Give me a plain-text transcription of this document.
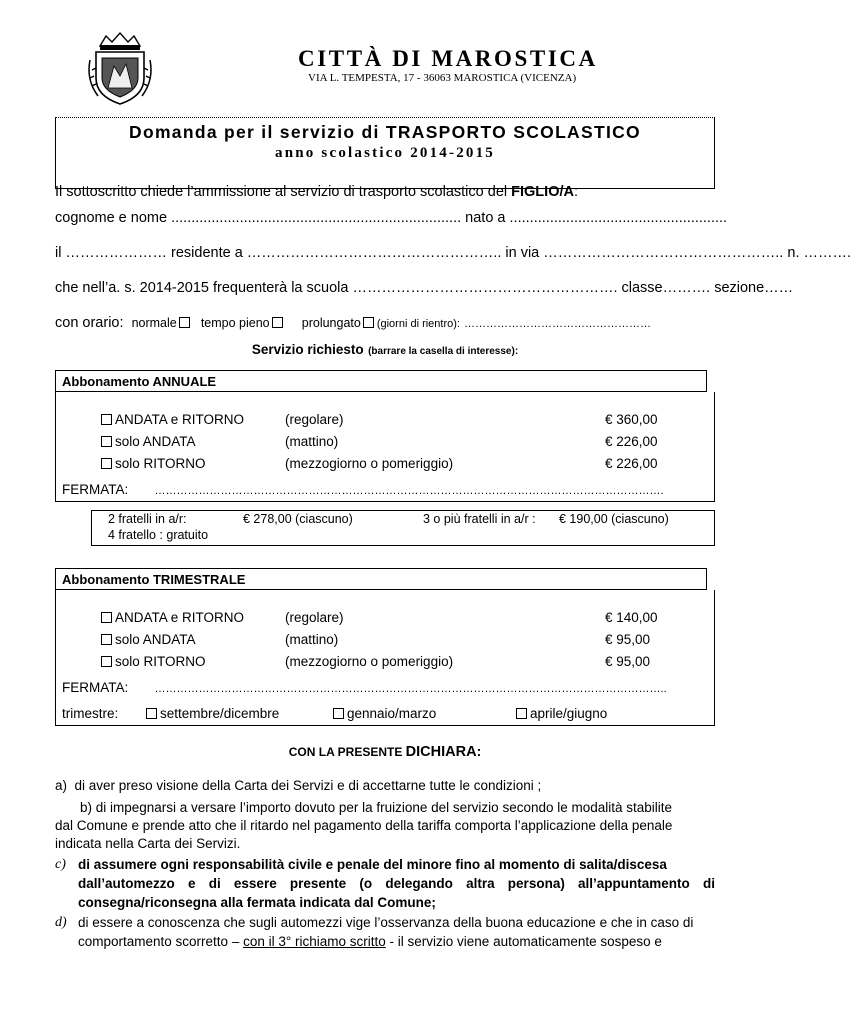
CITTÀ DI MAROSTICA
VIA L. TEMPESTA, 17 - 36063 MAROSTICA (VICENZA)
Domanda per il servizio di TRASPORTO SCOLASTICO
anno scolastico 2014-2015
Il sottoscritto chiede l’ammissione al servizio di trasporto scolastico del FIGLIO/A:
cognome e nome ........................................................................ nato a ......................................................
il ………………… residente a …………………………………………….. in via ………………………………………….. n. ……….
che nell’a. s. 2014-2015 frequenterà la scuola ………………………………………………. classe………. sezione……
con orario: normale tempo pieno	prolungato (giorni di rientro): ……………………………………………
Servizio richiesto (barrare la casella di interesse):
Abbonamento ANNUALE
ANDATA e RITORNO	(regolare)	€ 360,00
solo ANDATA	(mattino)	€ 226,00
solo RITORNO	(mezzogiorno o pomeriggio)	€ 226,00
FERMATA: ………………………………………………………………………………………………………………………….
2 fratelli in a/r:	€ 278,00 (ciascuno)	3 o più fratelli in a/r : € 190,00 (ciascuno)
4 fratello : gratuito
Abbonamento TRIMESTRALE
ANDATA e RITORNO	(regolare)	€ 140,00
solo ANDATA	(mattino)	€ 95,00
solo RITORNO	(mezzogiorno o pomeriggio)	€ 95,00
FERMATA: …………………………………………………………………………………………………………………………..
trimestre:	settembre/dicembre	gennaio/marzo	aprile/giugno
CON LA PRESENTE DICHIARA:
a) di aver preso visione della Carta dei Servizi e di accettarne tutte le condizioni ;
b) di impegnarsi a versare l’importo dovuto per la fruizione del servizio secondo le modalità stabilite
dal Comune e prende atto che il ritardo nel pagamento della tariffa comporta l’applicazione della penale
indicata nella Carta dei Servizi.
c) di assumere ogni responsabilità civile e penale del minore fino al momento di salita/discesa
dall’automezzo e di essere presente (o delegando altra persona) all’appuntamento di
consegna/riconsegna alla fermata indicata dal Comune;
d) di essere a conoscenza che sugli automezzi vige l’osservanza della buona educazione e che in caso di
comportamento scorretto – con il 3° richiamo scritto - il servizio viene automaticamente sospeso e
